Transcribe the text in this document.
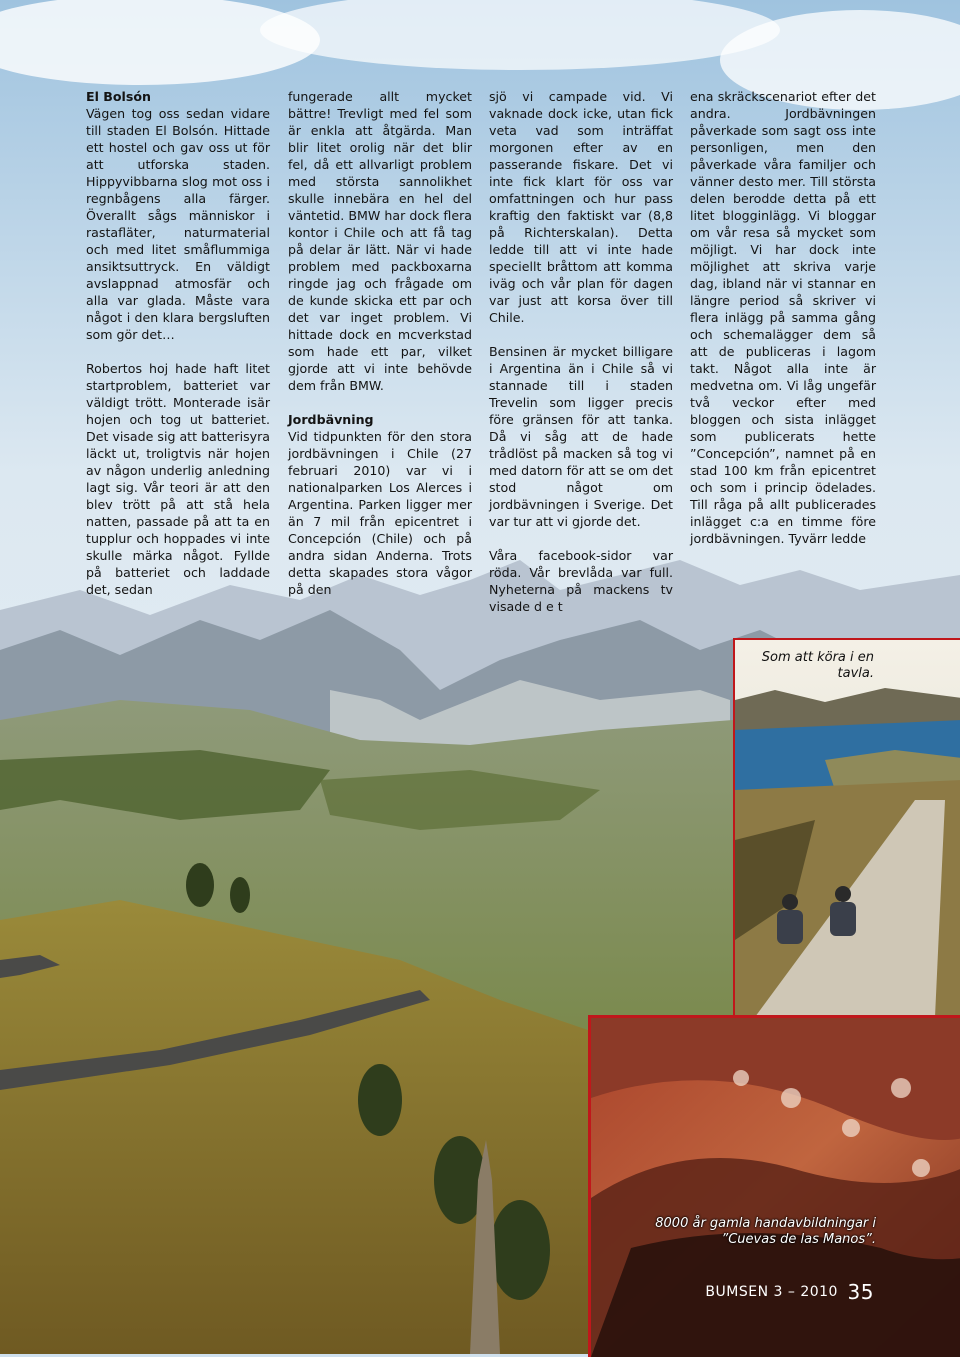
El Bolsón
Vägen tog oss sedan vidare till staden El Bolsón. Hittade ett hostel och gav oss ut för att utforska staden. Hippyvibbarna slog mot oss i regnbågens alla färger. Överallt sågs människor i rastafläter, naturmaterial och med litet småflummiga ansiktsuttryck. En väldigt avslappnad atmosfär och alla var glada. Måste vara något i den klara bergsluften som gör det…

Robertos hoj hade haft litet startproblem, batteriet var väldigt trött. Monterade isär hojen och tog ut batteriet. Det visade sig att batterisyra läckt ut, troligtvis när hojen av någon underlig anledning lagt sig. Vår teori är att den blev trött på att stå hela natten, passade på att ta en tupplur och hoppades vi inte skulle märka något. Fyllde på batteriet och laddade det, sedan

fungerade allt mycket bättre! Trevligt med fel som är enkla att åtgärda. Man blir litet orolig när det blir fel, då ett allvarligt problem med största sannolikhet skulle innebära en hel del väntetid. BMW har dock flera kontor i Chile och att få tag på delar är lätt. När vi hade problem med packboxarna ringde jag och frågade om de kunde skicka ett par och det var inget problem. Vi hittade dock en mcverkstad som hade ett par, vilket gjorde att vi inte behövde dem från BMW.

Jordbävning
Vid tidpunkten för den stora jordbävningen i Chile (27 februari 2010) var vi i nationalparken Los Alerces i Argentina. Parken ligger mer än 7 mil från epicentret i Concepción (Chile) och på andra sidan Anderna. Trots detta skapades stora vågor på den

sjö vi campade vid. Vi vaknade dock icke, utan fick veta vad som inträffat morgonen efter av en passerande fiskare. Det vi inte fick klart för oss var omfattningen och hur pass kraftig den faktiskt var (8,8 på Richterskalan). Detta ledde till att vi inte hade speciellt bråttom att komma iväg och vår plan för dagen var just att korsa över till Chile.

Bensinen är mycket billigare i Argentina än i Chile så vi stannade till i staden Trevelin som ligger precis före gränsen för att tanka. Då vi såg att de hade trådlöst på macken så tog vi med datorn för att se om det stod något om jordbävningen i Sverige. Det var tur att vi gjorde det.

Våra facebook-sidor var röda. Vår brevlåda var full. Nyheterna på mackens tv visade d e t

ena skräckscenariot efter det andra. Jordbävningen påverkade som sagt oss inte personligen, men den påverkade våra familjer och vänner desto mer. Till största delen berodde detta på ett litet blogginlägg. Vi bloggar om vår resa så mycket som möjligt. Vi har dock inte möjlighet att skriva varje dag, ibland när vi stannar en längre period så skriver vi flera inlägg på samma gång och schemalägger dem så att de publiceras i lagom takt. Något alla inte är medvetna om. Vi låg ungefär två veckor efter med bloggen och sista inlägget som publicerats hette ”Concepción”, namnet på en stad 100 km från epicentret och som i princip ödelades. Till råga på allt publicerades inlägget c:a en timme före jordbävningen. Tyvärr ledde

Som att köra i en tavla.
8000 år gamla handavbildningar i ”Cuevas de las Manos”.
BUMSEN 3 – 2010 35
